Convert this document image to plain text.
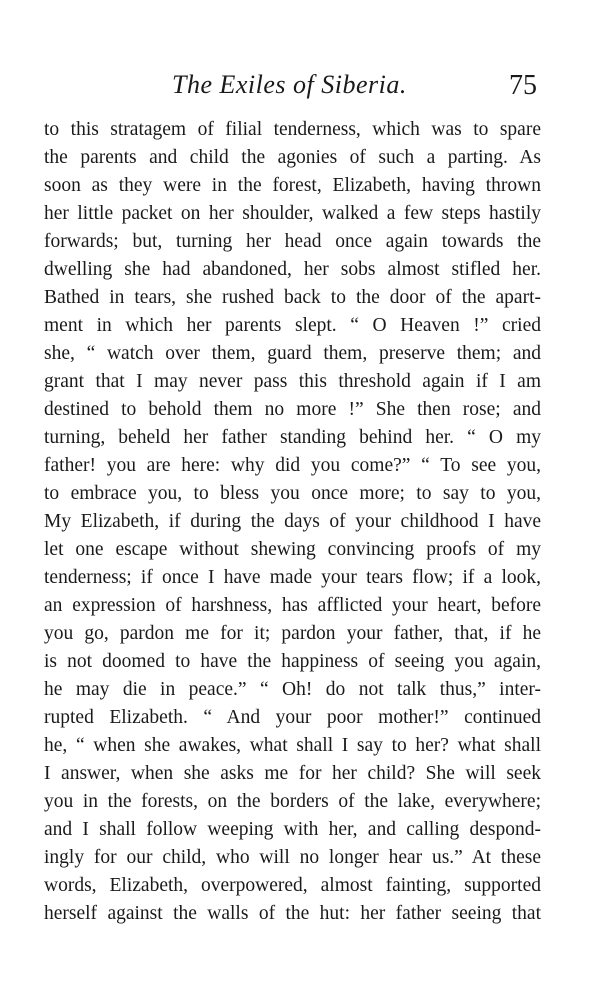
The Exiles of Siberia.	75
to this stratagem of filial tenderness, which was to spare
the parents and child the agonies of such a parting. As
soon as they were in the forest, Elizabeth, having thrown
her little packet on her shoulder, walked a few steps hastily
forwards; but, turning her head once again towards the
dwelling she had abandoned, her sobs almost stifled her.
Bathed in tears, she rushed back to the door of the apart-
ment in which her parents slept. “ O Heaven !” cried
she, “ watch over them, guard them, preserve them; and
grant that I may never pass this threshold again if I am
destined to behold them no more !” She then rose; and
turning, beheld her father standing behind her. “ O my
father! you are here: why did you come?” “ To see you,
to embrace you, to bless you once more; to say to you,
My Elizabeth, if during the days of your childhood I have
let one escape without shewing convincing proofs of my
tenderness; if once I have made your tears flow; if a look,
an expression of harshness, has afflicted your heart, before
you go, pardon me for it; pardon your father, that, if he
is not doomed to have the happiness of seeing you again,
he may die in peace.” “ Oh! do not talk thus,” inter-
rupted Elizabeth. “ And your poor mother!” continued
he, “ when she awakes, what shall I say to her? what shall
I answer, when she asks me for her child? She will seek
you in the forests, on the borders of the lake, everywhere;
and I shall follow weeping with her, and calling despond-
ingly for our child, who will no longer hear us.” At these
words, Elizabeth, overpowered, almost fainting, supported
herself against the walls of the hut: her father seeing that
